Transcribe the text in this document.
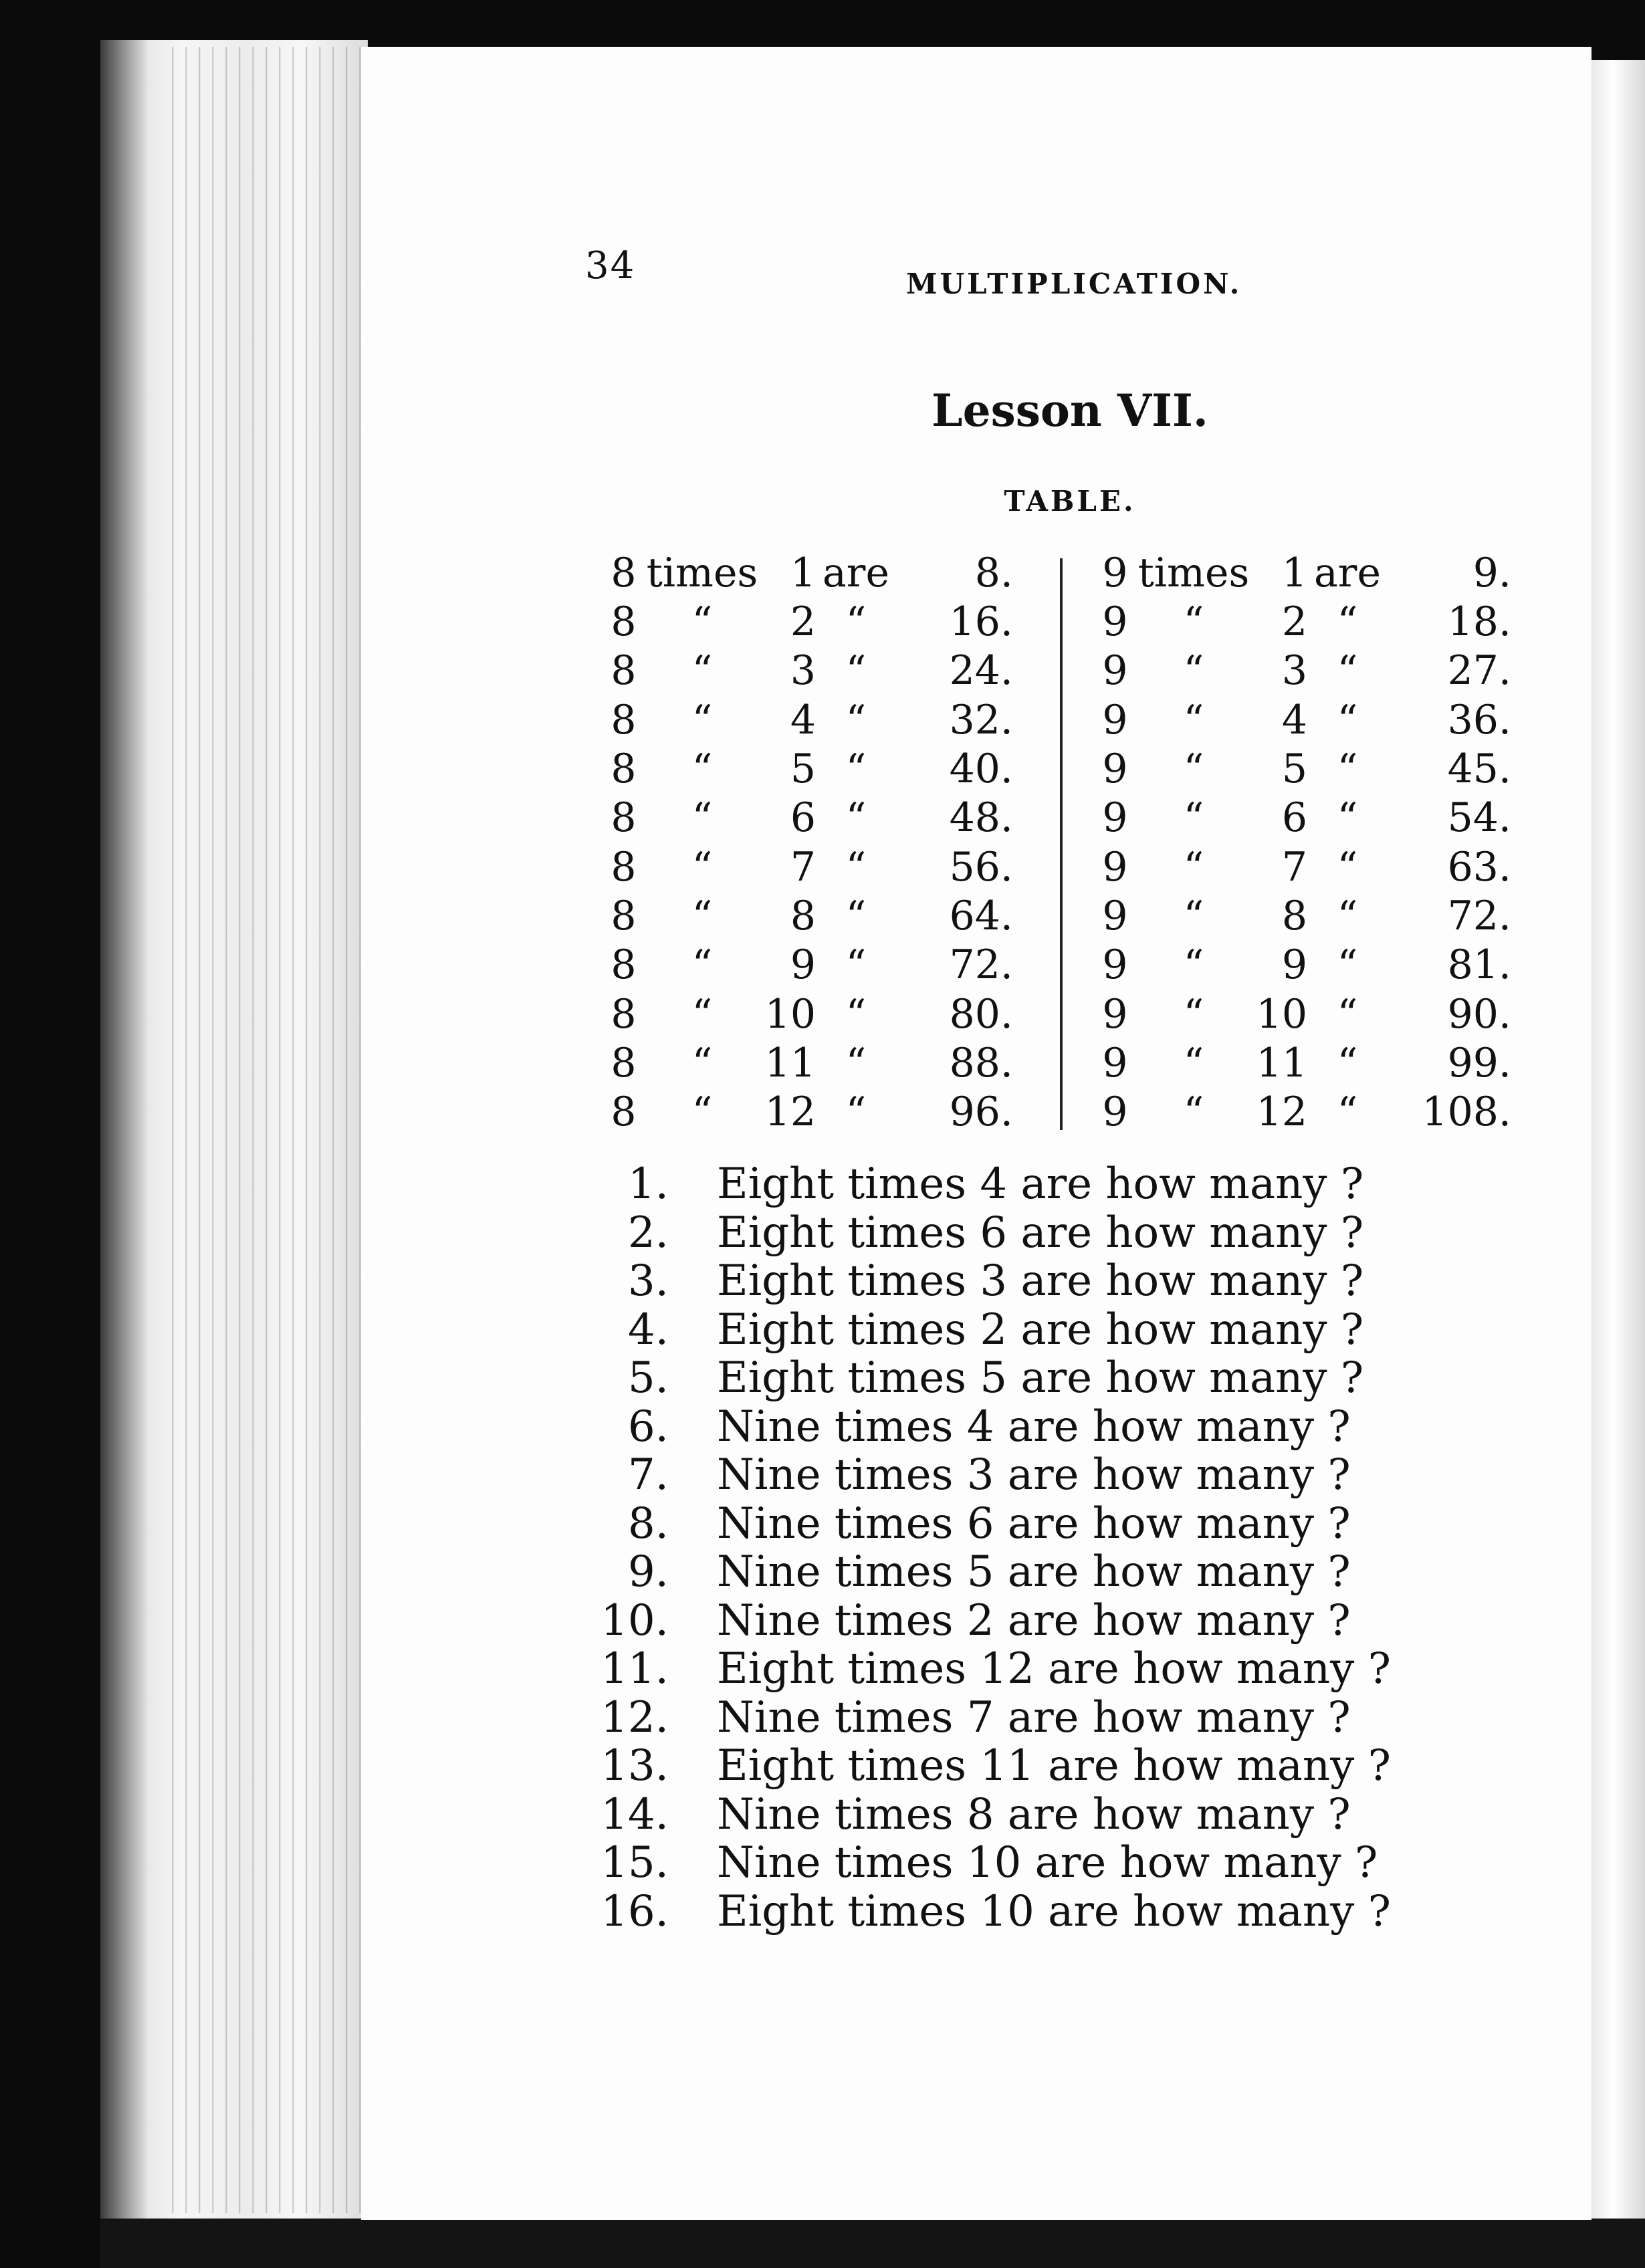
34	MULTIPLICATION.
Lesson VII.
TABLE.
8	times	1	are	8.
8	“	2	“	16.
8	“	3	“	24.
8	“	4	“	32.
8	“	5	“	40.
8	“	6	“	48.
8	“	7	“	56.
8	“	8	“	64.
8	“	9	“	72.
8	“	10	“	80.
8	“	11	“	88.
8	“	12	“	96.
9	times	1	are	9.
9	“	2	“	18.
9	“	3	“	27.
9	“	4	“	36.
9	“	5	“	45.
9	“	6	“	54.
9	“	7	“	63.
9	“	8	“	72.
9	“	9	“	81.
9	“	10	“	90.
9	“	11	“	99.
9	“	12	“	108.
1. Eight times 4 are how many ?
2. Eight times 6 are how many ?
3. Eight times 3 are how many ?
4. Eight times 2 are how many ?
5. Eight times 5 are how many ?
6. Nine times 4 are how many ?
7. Nine times 3 are how many ?
8. Nine times 6 are how many ?
9. Nine times 5 are how many ?
10. Nine times 2 are how many ?
11. Eight times 12 are how many ?
12. Nine times 7 are how many ?
13. Eight times 11 are how many ?
14. Nine times 8 are how many ?
15. Nine times 10 are how many ?
16. Eight times 10 are how many ?
